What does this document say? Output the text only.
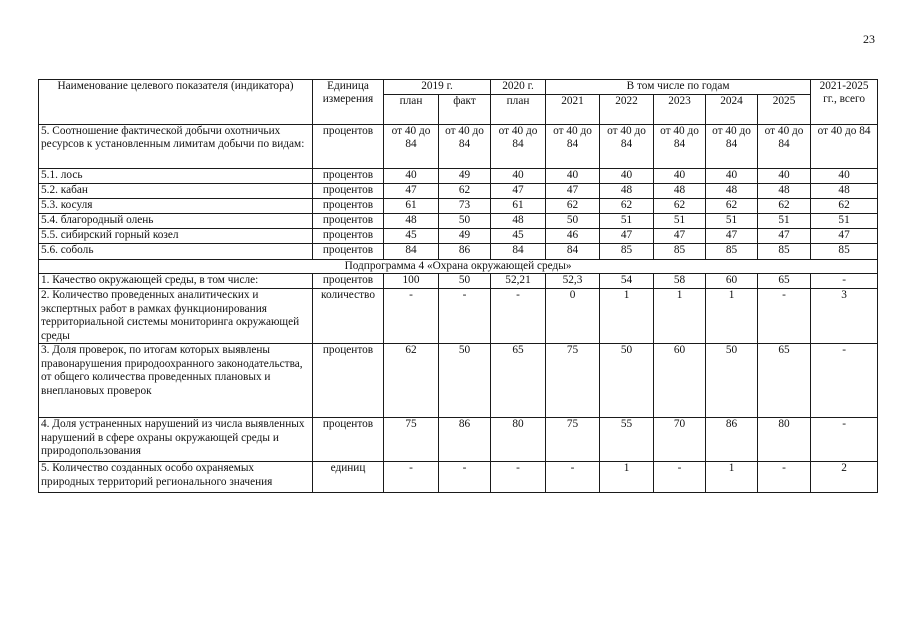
23
Наименование целевого показателя (индикатора)	Единица измерения	2019 г.		2020 г.	В том числе по годам					2021-2025 гг., всего
		план	факт	план	2021	2022	2023	2024	2025	
5. Соотношение фактической добычи охотничьих ресурсов к установленным лимитам добычи по видам:	процентов	от 40 до 84	от 40 до 84	от 40 до 84	от 40 до 84	от 40 до 84	от 40 до 84	от 40 до 84	от 40 до 84	от 40 до 84
5.1. лось	процентов	40	49	40	40	40	40	40	40	40
5.2. кабан	процентов	47	62	47	47	48	48	48	48	48
5.3. косуля	процентов	61	73	61	62	62	62	62	62	62
5.4. благородный олень	процентов	48	50	48	50	51	51	51	51	51
5.5. сибирский горный козел	процентов	45	49	45	46	47	47	47	47	47
5.6. соболь	процентов	84	86	84	84	85	85	85	85	85
Подпрограмма 4 «Охрана окружающей среды»										
1. Качество окружающей среды, в том числе:	процентов	100	50	52,21	52,3	54	58	60	65	-
2. Количество проведенных аналитических и экспертных работ в рамках функционирования территориальной системы мониторинга окружающей среды	количество	-	-	-	0	1	1	1	-	3
3. Доля проверок, по итогам которых выявлены правонарушения природоохранного законодательства, от общего количества проведенных плановых и внеплановых проверок	процентов	62	50	65	75	50	60	50	65	-
4. Доля устраненных нарушений из числа выявленных нарушений в сфере охраны окружающей среды и природопользования	процентов	75	86	80	75	55	70	86	80	-
5. Количество созданных особо охраняемых природных территорий регионального значения	единиц	-	-	-	-	1	-	1	-	2
